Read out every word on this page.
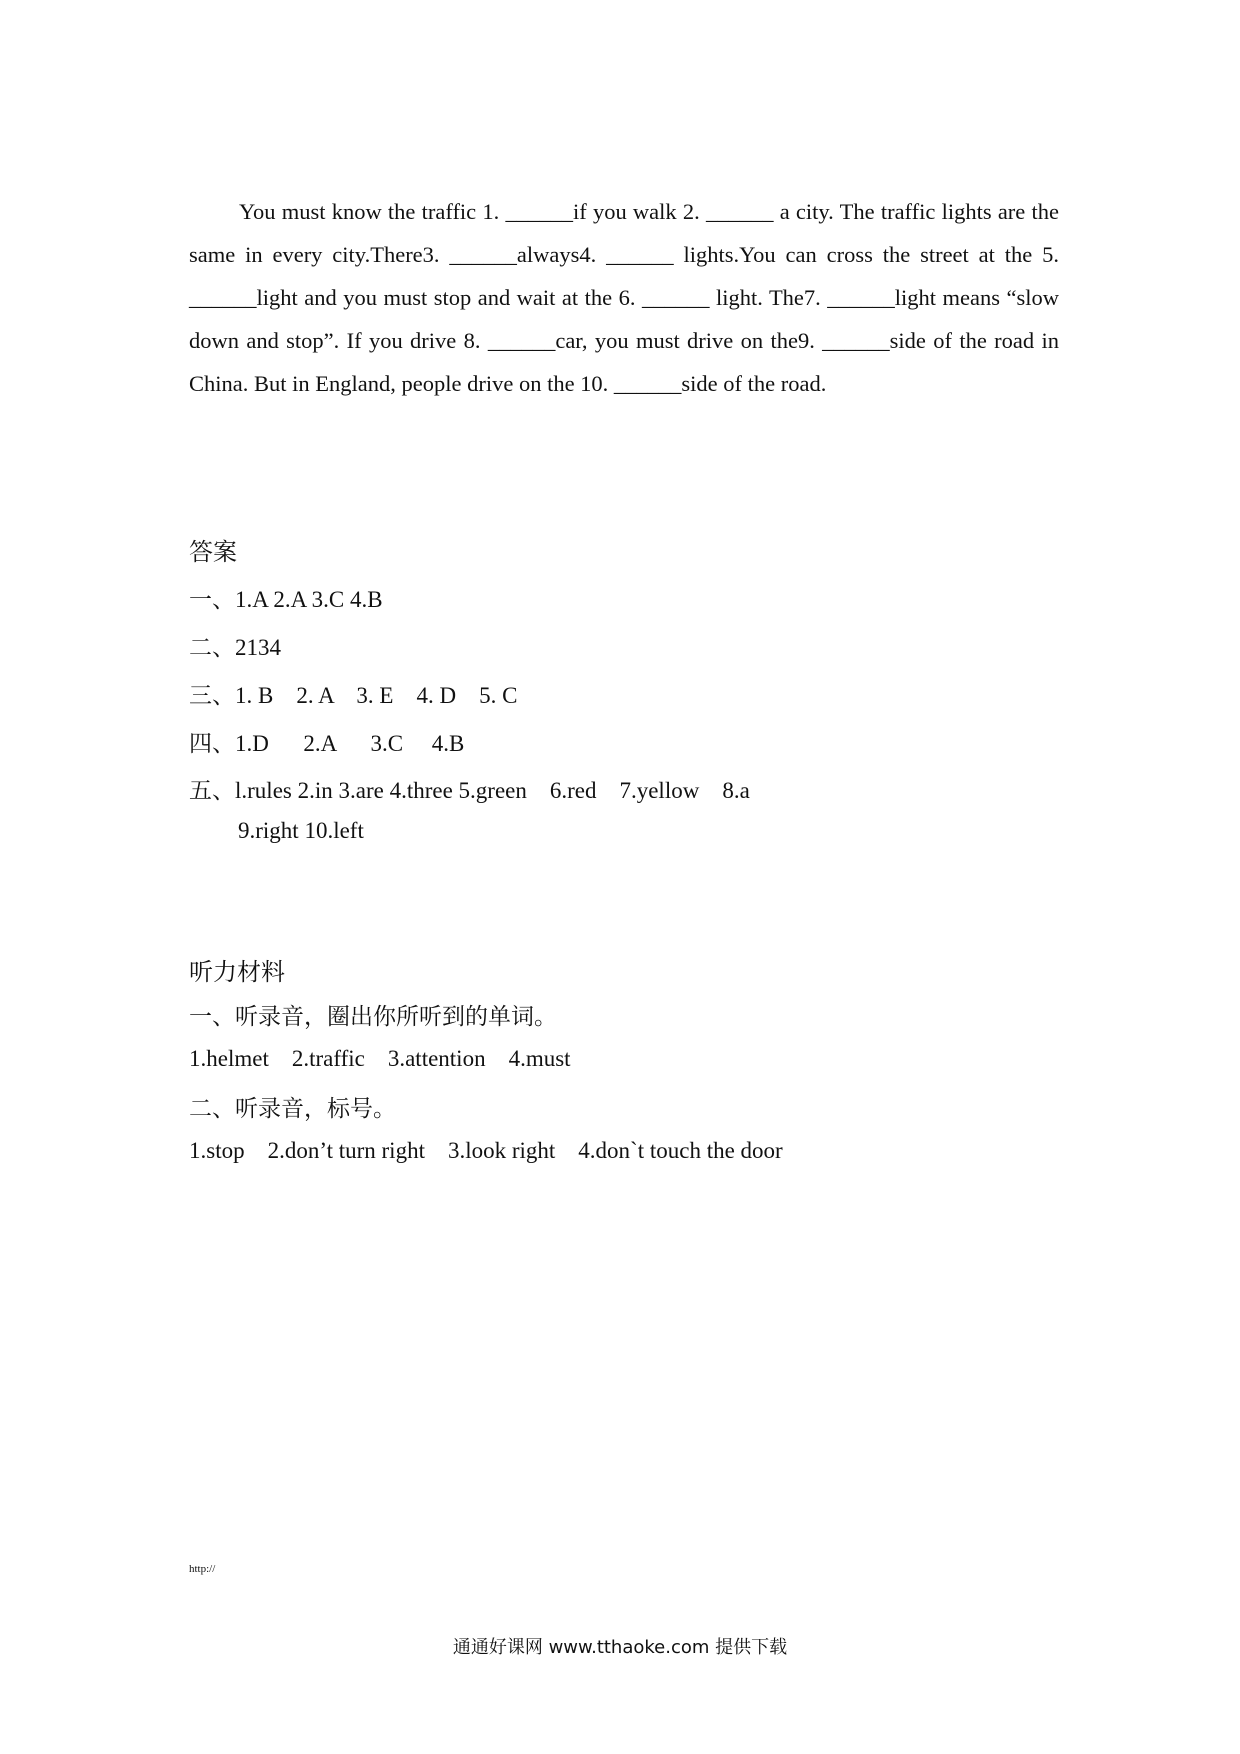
You must know the traffic 1. ______if you walk 2. ______ a city. The traffic lights are the same in every city.There3. ______always4. ______ lights.You can cross the street at the 5. ______light and you must stop and wait at the 6. ______ light. The7. ______light means “slow down and stop”. If you drive 8. ______car, you must drive on the9. ______side of the road in China. But in England, people drive on the 10. ______side of the road.

答案
一、1.A 2.A 3.C 4.B
二、2134
三、1. B    2. A    3. E    4. D    5. C
四、1.D      2.A      3.C     4.B
五、l.rules 2.in 3.are 4.three 5.green    6.red    7.yellow    8.a
9.right 10.left
听力材料
一、听录音，圈出你所听到的单词。
1.helmet    2.traffic    3.attention    4.must
二、听录音，标号。
1.stop    2.don’t turn right    3.look right    4.don`t touch the door
http://
通通好课网 www.tthaoke.com 提供下载
